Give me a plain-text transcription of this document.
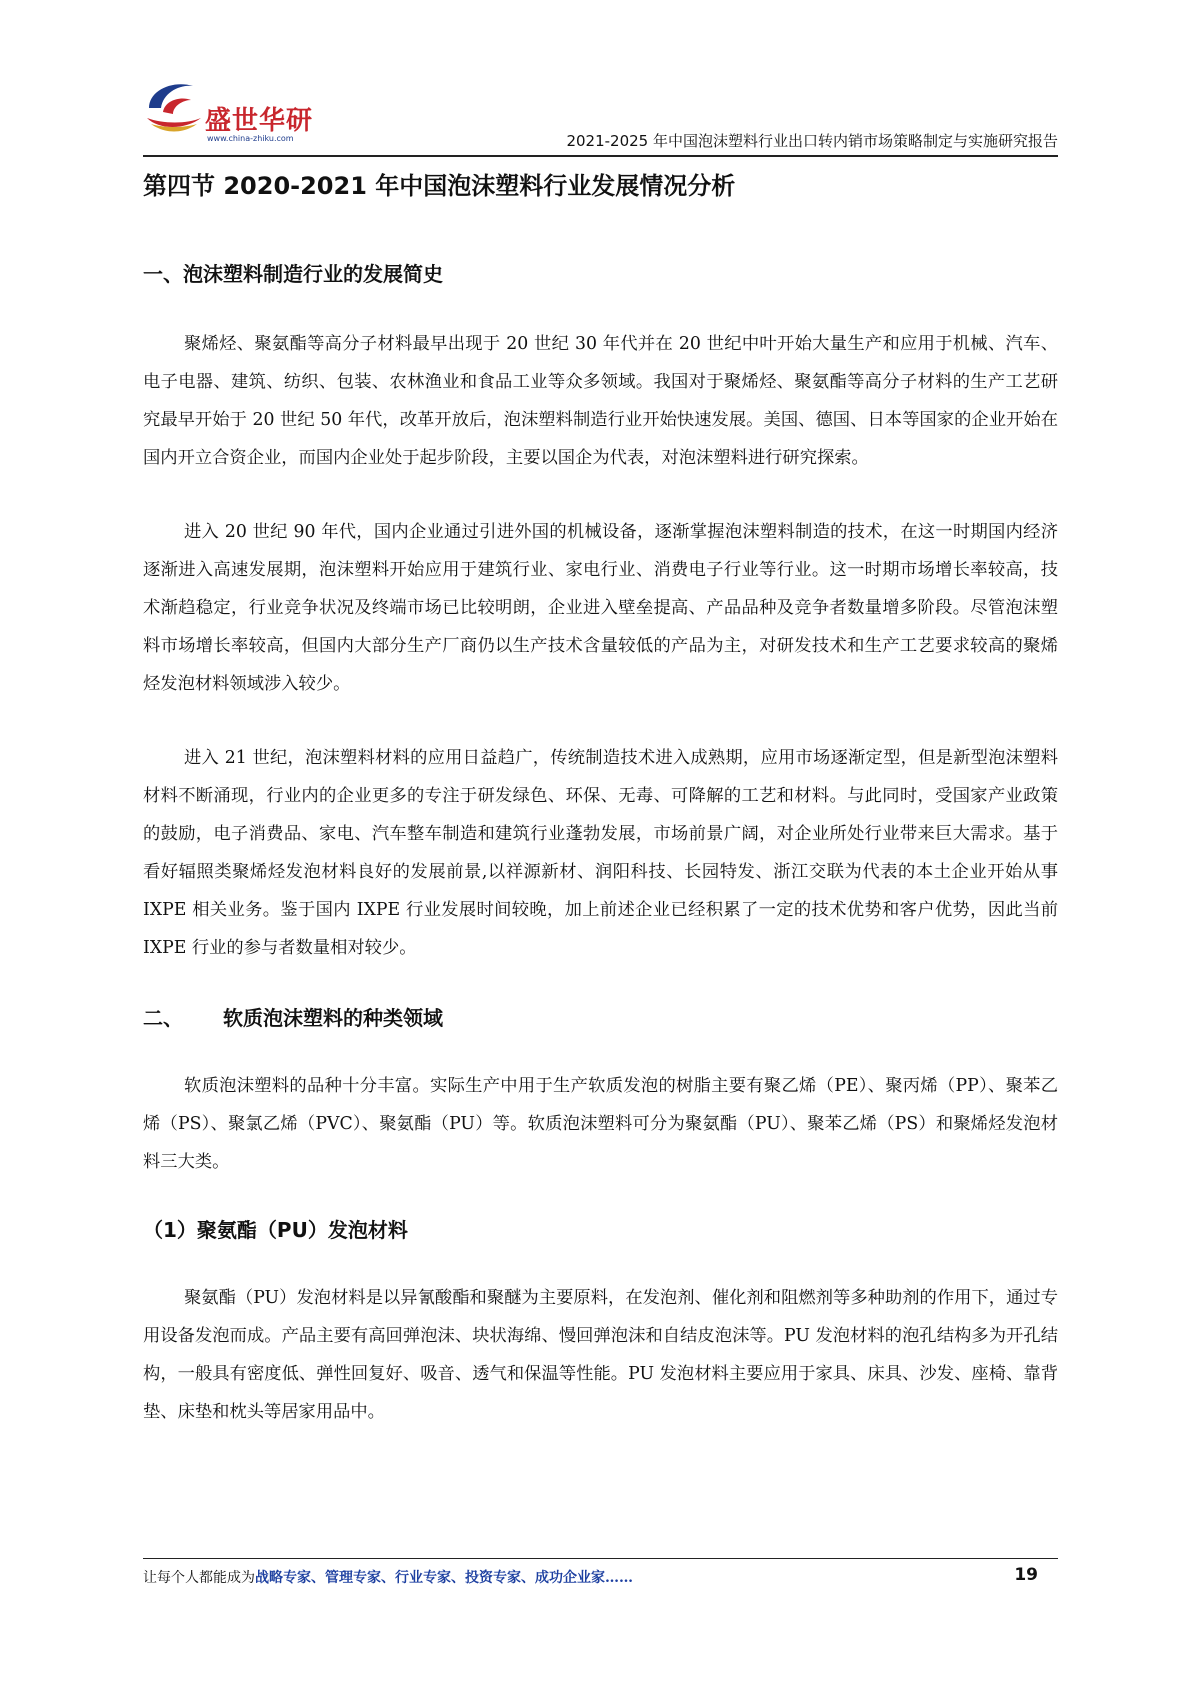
盛世华研
www.china-zhiku.com	2021-2025 年中国泡沫塑料行业出口转内销市场策略制定与实施研究报告
第四节 2020-2021 年中国泡沫塑料行业发展情况分析
一、泡沫塑料制造行业的发展简史

聚烯烃、聚氨酯等高分子材料最早出现于 20 世纪 30 年代并在 20 世纪中叶开始大量生产和应用于机械、汽车、电子电器、建筑、纺织、包装、农林渔业和食品工业等众多领域。我国对于聚烯烃、聚氨酯等高分子材料的生产工艺研究最早开始于 20 世纪 50 年代，改革开放后，泡沫塑料制造行业开始快速发展。美国、德国、日本等国家的企业开始在国内开立合资企业，而国内企业处于起步阶段，主要以国企为代表，对泡沫塑料进行研究探索。

进入 20 世纪 90 年代，国内企业通过引进外国的机械设备，逐渐掌握泡沫塑料制造的技术，在这一时期国内经济逐渐进入高速发展期，泡沫塑料开始应用于建筑行业、家电行业、消费电子行业等行业。这一时期市场增长率较高，技术渐趋稳定，行业竞争状况及终端市场已比较明朗，企业进入壁垒提高、产品品种及竞争者数量增多阶段。尽管泡沫塑料市场增长率较高，但国内大部分生产厂商仍以生产技术含量较低的产品为主，对研发技术和生产工艺要求较高的聚烯烃发泡材料领域涉入较少。

进入 21 世纪，泡沫塑料材料的应用日益趋广，传统制造技术进入成熟期，应用市场逐渐定型，但是新型泡沫塑料材料不断涌现，行业内的企业更多的专注于研发绿色、环保、无毒、可降解的工艺和材料。与此同时，受国家产业政策的鼓励，电子消费品、家电、汽车整车制造和建筑行业蓬勃发展，市场前景广阔，对企业所处行业带来巨大需求。基于看好辐照类聚烯烃发泡材料良好的发展前景,以祥源新材、润阳科技、长园特发、浙江交联为代表的本土企业开始从事 IXPE 相关业务。鉴于国内 IXPE 行业发展时间较晚，加上前述企业已经积累了一定的技术优势和客户优势，因此当前 IXPE 行业的参与者数量相对较少。

二、 软质泡沫塑料的种类领域

软质泡沫塑料的品种十分丰富。实际生产中用于生产软质发泡的树脂主要有聚乙烯（PE）、聚丙烯（PP）、聚苯乙烯（PS）、聚氯乙烯（PVC）、聚氨酯（PU）等。软质泡沫塑料可分为聚氨酯（PU）、聚苯乙烯（PS）和聚烯烃发泡材料三大类。

（1）聚氨酯（PU）发泡材料

聚氨酯（PU）发泡材料是以异氰酸酯和聚醚为主要原料，在发泡剂、催化剂和阻燃剂等多种助剂的作用下，通过专用设备发泡而成。产品主要有高回弹泡沫、块状海绵、慢回弹泡沫和自结皮泡沫等。PU 发泡材料的泡孔结构多为开孔结构，一般具有密度低、弹性回复好、吸音、透气和保温等性能。PU 发泡材料主要应用于家具、床具、沙发、座椅、靠背垫、床垫和枕头等居家用品中。

让每个人都能成为战略专家、管理专家、行业专家、投资专家、成功企业家……	19
